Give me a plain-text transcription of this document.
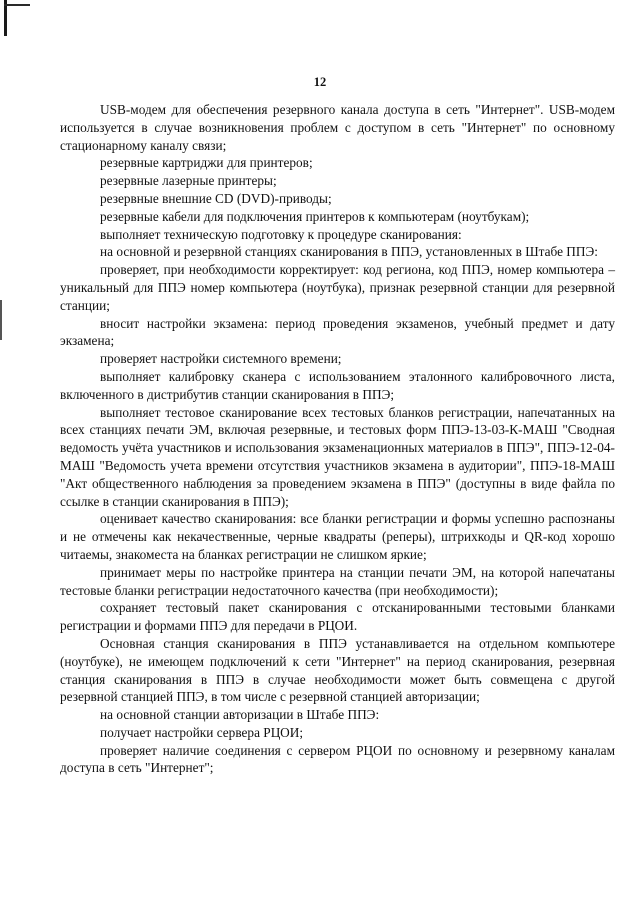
12

USB-модем для обеспечения резервного канала доступа в сеть "Интернет". USB-модем используется в случае возникновения проблем с доступом в сеть "Интернет" по основному стационарному каналу связи;

резервные картриджи для принтеров;

резервные лазерные принтеры;

резервные внешние CD (DVD)-приводы;

резервные кабели для подключения принтеров к компьютерам (ноутбукам);

выполняет техническую подготовку к процедуре сканирования:

на основной и резервной станциях сканирования в ППЭ, установленных в Штабе ППЭ:

проверяет, при необходимости корректирует: код региона, код ППЭ, номер компьютера – уникальный для ППЭ номер компьютера (ноутбука), признак резервной станции для резервной станции;

вносит настройки экзамена: период проведения экзаменов, учебный предмет и дату экзамена;

проверяет настройки системного времени;

выполняет калибровку сканера с использованием эталонного калибровочного листа, включенного в дистрибутив станции сканирования в ППЭ;

выполняет тестовое сканирование всех тестовых бланков регистрации, напечатанных на всех станциях печати ЭМ, включая резервные, и тестовых форм ППЭ-13-03-К-МАШ "Сводная ведомость учёта участников и использования экзаменационных материалов в ППЭ", ППЭ-12-04-МАШ "Ведомость учета времени отсутствия участников экзамена в аудитории", ППЭ-18-МАШ "Акт общественного наблюдения за проведением экзамена в ППЭ" (доступны в виде файла по ссылке в станции сканирования в ППЭ);

оценивает качество сканирования: все бланки регистрации и формы успешно распознаны и не отмечены как некачественные, черные квадраты (реперы), штрихкоды и QR-код хорошо читаемы, знакоместа на бланках регистрации не слишком яркие;

принимает меры по настройке принтера на станции печати ЭМ, на которой напечатаны тестовые бланки регистрации недостаточного качества (при необходимости);

сохраняет тестовый пакет сканирования с отсканированными тестовыми бланками регистрации и формами ППЭ для передачи в РЦОИ.

Основная станция сканирования в ППЭ устанавливается на отдельном компьютере (ноутбуке), не имеющем подключений к сети "Интернет" на период сканирования, резервная станция сканирования в ППЭ в случае необходимости может быть совмещена с другой резервной станцией ППЭ, в том числе с резервной станцией авторизации;

на основной станции авторизации в Штабе ППЭ:

получает настройки сервера РЦОИ;

проверяет наличие соединения с сервером РЦОИ по основному и резервному каналам доступа в сеть "Интернет";
